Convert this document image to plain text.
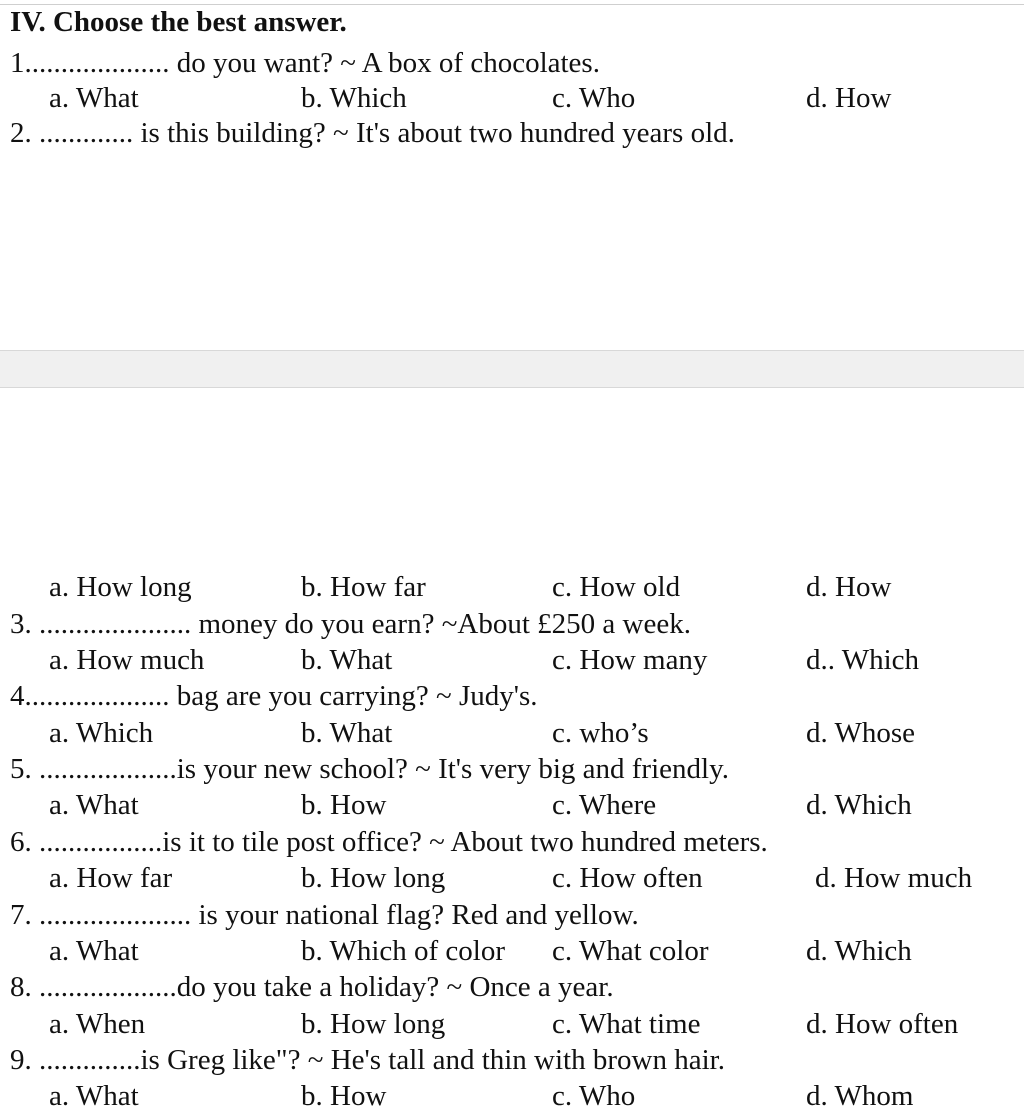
IV. Choose the best answer.
1.................... do you want? ~ A box of chocolates.
a. What	b. Which	c. Who	d. How
2. ............. is this building? ~ It's about two hundred years old.
a. How long	b. How far	c. How old	d. How
3. ..................... money do you earn? ~About £250 a week.
a. How much	b. What	c. How many	d.. Which
4.................... bag are you carrying? ~ Judy's.
a. Which	b. What	c. who’s	d. Whose
5. ...................is your new school? ~ It's very big and friendly.
a. What	b. How	c. Where	d. Which
6. .................is it to tile post office? ~ About two hundred meters.
a. How far	b. How long	c. How often	d. How much
7. ..................... is your national flag? Red and yellow.
a. What	b. Which of color c. What color	d. Which
8. ...................do you take a holiday? ~ Once a year.
a. When	b. How long	c. What time	d. How often
9. ..............is Greg like"? ~ He's tall and thin with brown hair.
a. What	b. How	c. Who	d. Whom
